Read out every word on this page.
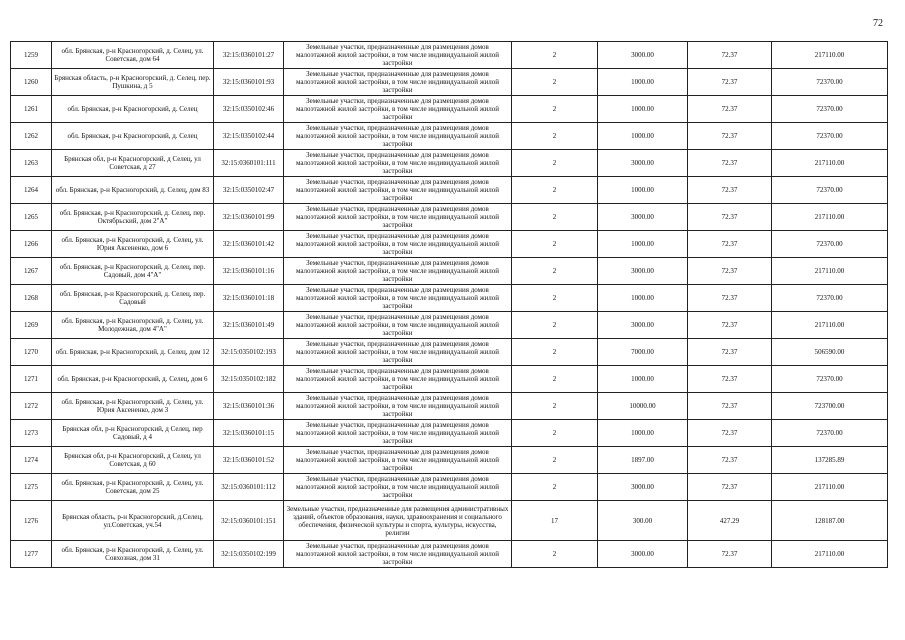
72
1259	обл. Брянская, р-н Красногорский, д. Селец, ул. Советская, дом 64	32:15:0360101:27	Земельные участки, предназначенные для размещения домов малоэтажной жилой застройки, в том числе индивидуальной жилой застройки	2	3000.00	72.37	217110.00
1260	Брянская область, р-н Красногорский, д. Селец, пер. Пушкина, д 5	32:15:0360101:93	Земельные участки, предназначенные для размещения домов малоэтажной жилой застройки, в том числе индивидуальной жилой застройки	2	1000.00	72.37	72370.00
1261	обл. Брянская, р-н Красногорский, д. Селец	32:15:0350102:46	Земельные участки, предназначенные для размещения домов малоэтажной жилой застройки, в том числе индивидуальной жилой застройки	2	1000.00	72.37	72370.00
1262	обл. Брянская, р-н Красногорский, д. Селец	32:15:0350102:44	Земельные участки, предназначенные для размещения домов малоэтажной жилой застройки, в том числе индивидуальной жилой застройки	2	1000.00	72.37	72370.00
1263	Брянская обл, р-н Красногорский, д Селец, ул Советская, д 27	32:15:0360101:111	Земельные участки, предназначенные для размещения домов малоэтажной жилой застройки, в том числе индивидуальной жилой застройки	2	3000.00	72.37	217110.00
1264	обл. Брянская, р-н Красногорский, д. Селец, дом 83	32:15:0350102:47	Земельные участки, предназначенные для размещения домов малоэтажной жилой застройки, в том числе индивидуальной жилой застройки	2	1000.00	72.37	72370.00
1265	обл. Брянская, р-н Красногорский, д. Селец, пер. Октябрьский, дом 2"А"	32:15:0360101:99	Земельные участки, предназначенные для размещения домов малоэтажной жилой застройки, в том числе индивидуальной жилой застройки	2	3000.00	72.37	217110.00
1266	обл. Брянская, р-н Красногорский, д. Селец, ул. Юрия Аксененко, дом 6	32:15:0360101:42	Земельные участки, предназначенные для размещения домов малоэтажной жилой застройки, в том числе индивидуальной жилой застройки	2	1000.00	72.37	72370.00
1267	обл. Брянская, р-н Красногорский, д. Селец, пер. Садовый, дом 4"А"	32:15:0360101:16	Земельные участки, предназначенные для размещения домов малоэтажной жилой застройки, в том числе индивидуальной жилой застройки	2	3000.00	72.37	217110.00
1268	обл. Брянская, р-н Красногорский, д. Селец, пер. Садовый	32:15:0360101:18	Земельные участки, предназначенные для размещения домов малоэтажной жилой застройки, в том числе индивидуальной жилой застройки	2	1000.00	72.37	72370.00
1269	обл. Брянская, р-н Красногорский, д. Селец, ул. Молодежная, дом 4"А"	32:15:0360101:49	Земельные участки, предназначенные для размещения домов малоэтажной жилой застройки, в том числе индивидуальной жилой застройки	2	3000.00	72.37	217110.00
1270	обл. Брянская, р-н Красногорский, д. Селец, дом 12	32:15:0350102:193	Земельные участки, предназначенные для размещения домов малоэтажной жилой застройки, в том числе индивидуальной жилой застройки	2	7000.00	72.37	506590.00
1271	обл. Брянская, р-н Красногорский, д. Селец, дом 6	32:15:0350102:182	Земельные участки, предназначенные для размещения домов малоэтажной жилой застройки, в том числе индивидуальной жилой застройки	2	1000.00	72.37	72370.00
1272	обл. Брянская, р-н Красногорский, д. Селец, ул. Юрия Аксененко, дом 3	32:15:0360101:36	Земельные участки, предназначенные для размещения домов малоэтажной жилой застройки, в том числе индивидуальной жилой застройки	2	10000.00	72.37	723700.00
1273	Брянская обл, р-н Красногорский, д Селец, пер Садовый, д 4	32:15:0360101:15	Земельные участки, предназначенные для размещения домов малоэтажной жилой застройки, в том числе индивидуальной жилой застройки	2	1000.00	72.37	72370.00
1274	Брянская обл, р-н Красногорский, д Селец, ул Советская, д 60	32:15:0360101:52	Земельные участки, предназначенные для размещения домов малоэтажной жилой застройки, в том числе индивидуальной жилой застройки	2	1897.00	72.37	137285.89
1275	обл. Брянская, р-н Красногорский, д. Селец, ул. Советская, дом 25	32:15:0360101:112	Земельные участки, предназначенные для размещения домов малоэтажной жилой застройки, в том числе индивидуальной жилой застройки	2	3000.00	72.37	217110.00
1276	Брянская область, р-н Красногорский, д.Селец, ул.Советская, уч.54	32:15:0360101:151	Земельные участки, предназначенные для размещения административных зданий, объектов образования, науки, здравоохранения и социального обеспечения, физической культуры и спорта, культуры, искусства, религии	17	300.00	427.29	128187.00
1277	обл. Брянская, р-н Красногорский, д. Селец, ул. Совхозная, дом 31	32:15:0350102:199	Земельные участки, предназначенные для размещения домов малоэтажной жилой застройки, в том числе индивидуальной жилой застройки	2	3000.00	72.37	217110.00
